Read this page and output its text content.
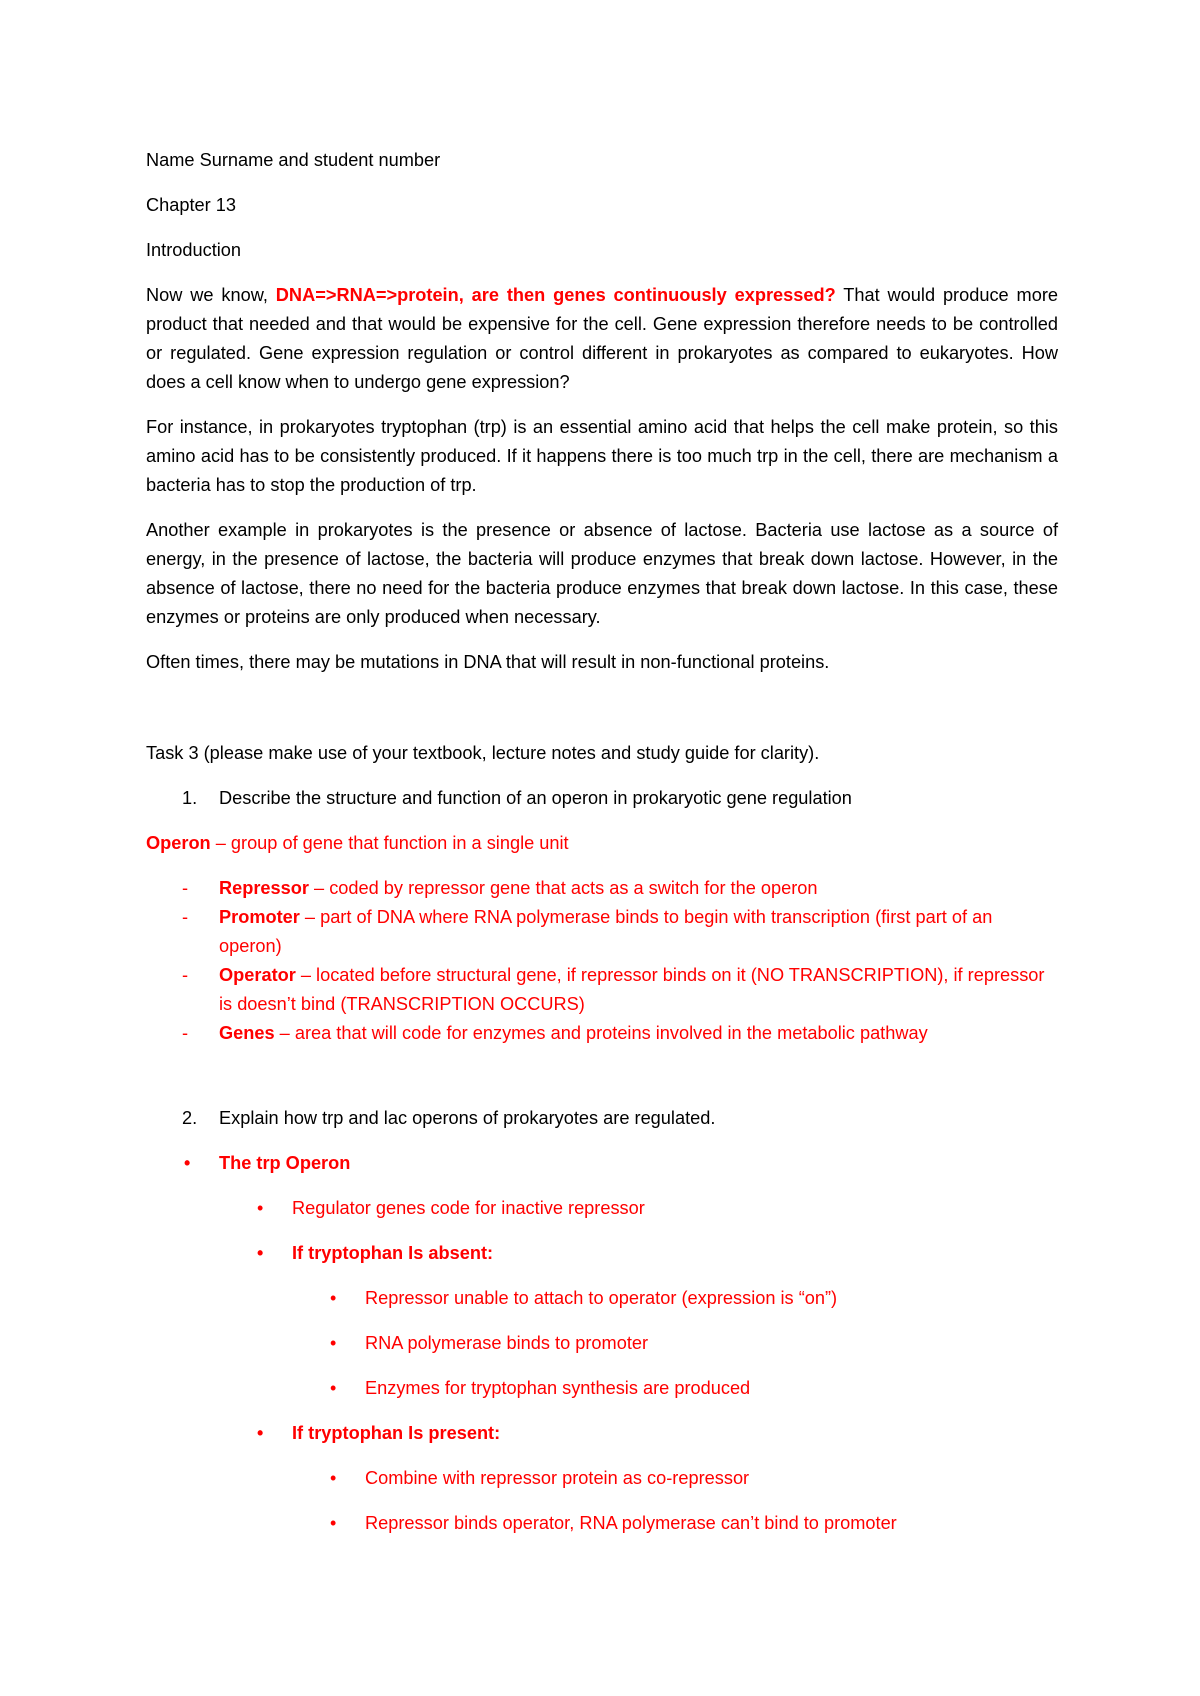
Name Surname and student number

Chapter 13

Introduction

Now we know, DNA=>RNA=>protein, are then genes continuously expressed? That would produce more product that needed and that would be expensive for the cell. Gene expression therefore needs to be controlled or regulated. Gene expression regulation or control different in prokaryotes as compared to eukaryotes. How does a cell know when to undergo gene expression?

For instance, in prokaryotes tryptophan (trp) is an essential amino acid that helps the cell make protein, so this amino acid has to be consistently produced. If it happens there is too much trp in the cell, there are mechanism a bacteria has to stop the production of trp.

Another example in prokaryotes is the presence or absence of lactose. Bacteria use lactose as a source of energy, in the presence of lactose, the bacteria will produce enzymes that break down lactose. However, in the absence of lactose, there no need for the bacteria produce enzymes that break down lactose. In this case, these enzymes or proteins are only produced when necessary.

Often times, there may be mutations in DNA that will result in non-functional proteins.

Task 3 (please make use of your textbook, lecture notes and study guide for clarity).

1. Describe the structure and function of an operon in prokaryotic gene regulation

Operon – group of gene that function in a single unit

- Repressor – coded by repressor gene that acts as a switch for the operon
- Promoter – part of DNA where RNA polymerase binds to begin with transcription (first part of an operon)
- Operator – located before structural gene, if repressor binds on it (NO TRANSCRIPTION), if repressor is doesn’t bind (TRANSCRIPTION OCCURS)
- Genes – area that will code for enzymes and proteins involved in the metabolic pathway
2. Explain how trp and lac operons of prokaryotes are regulated.
• The trp Operon
• Regulator genes code for inactive repressor
• If tryptophan Is absent:
• Repressor unable to attach to operator (expression is “on”)
• RNA polymerase binds to promoter
• Enzymes for tryptophan synthesis are produced
• If tryptophan Is present:
• Combine with repressor protein as co-repressor
• Repressor binds operator, RNA polymerase can’t bind to promoter
